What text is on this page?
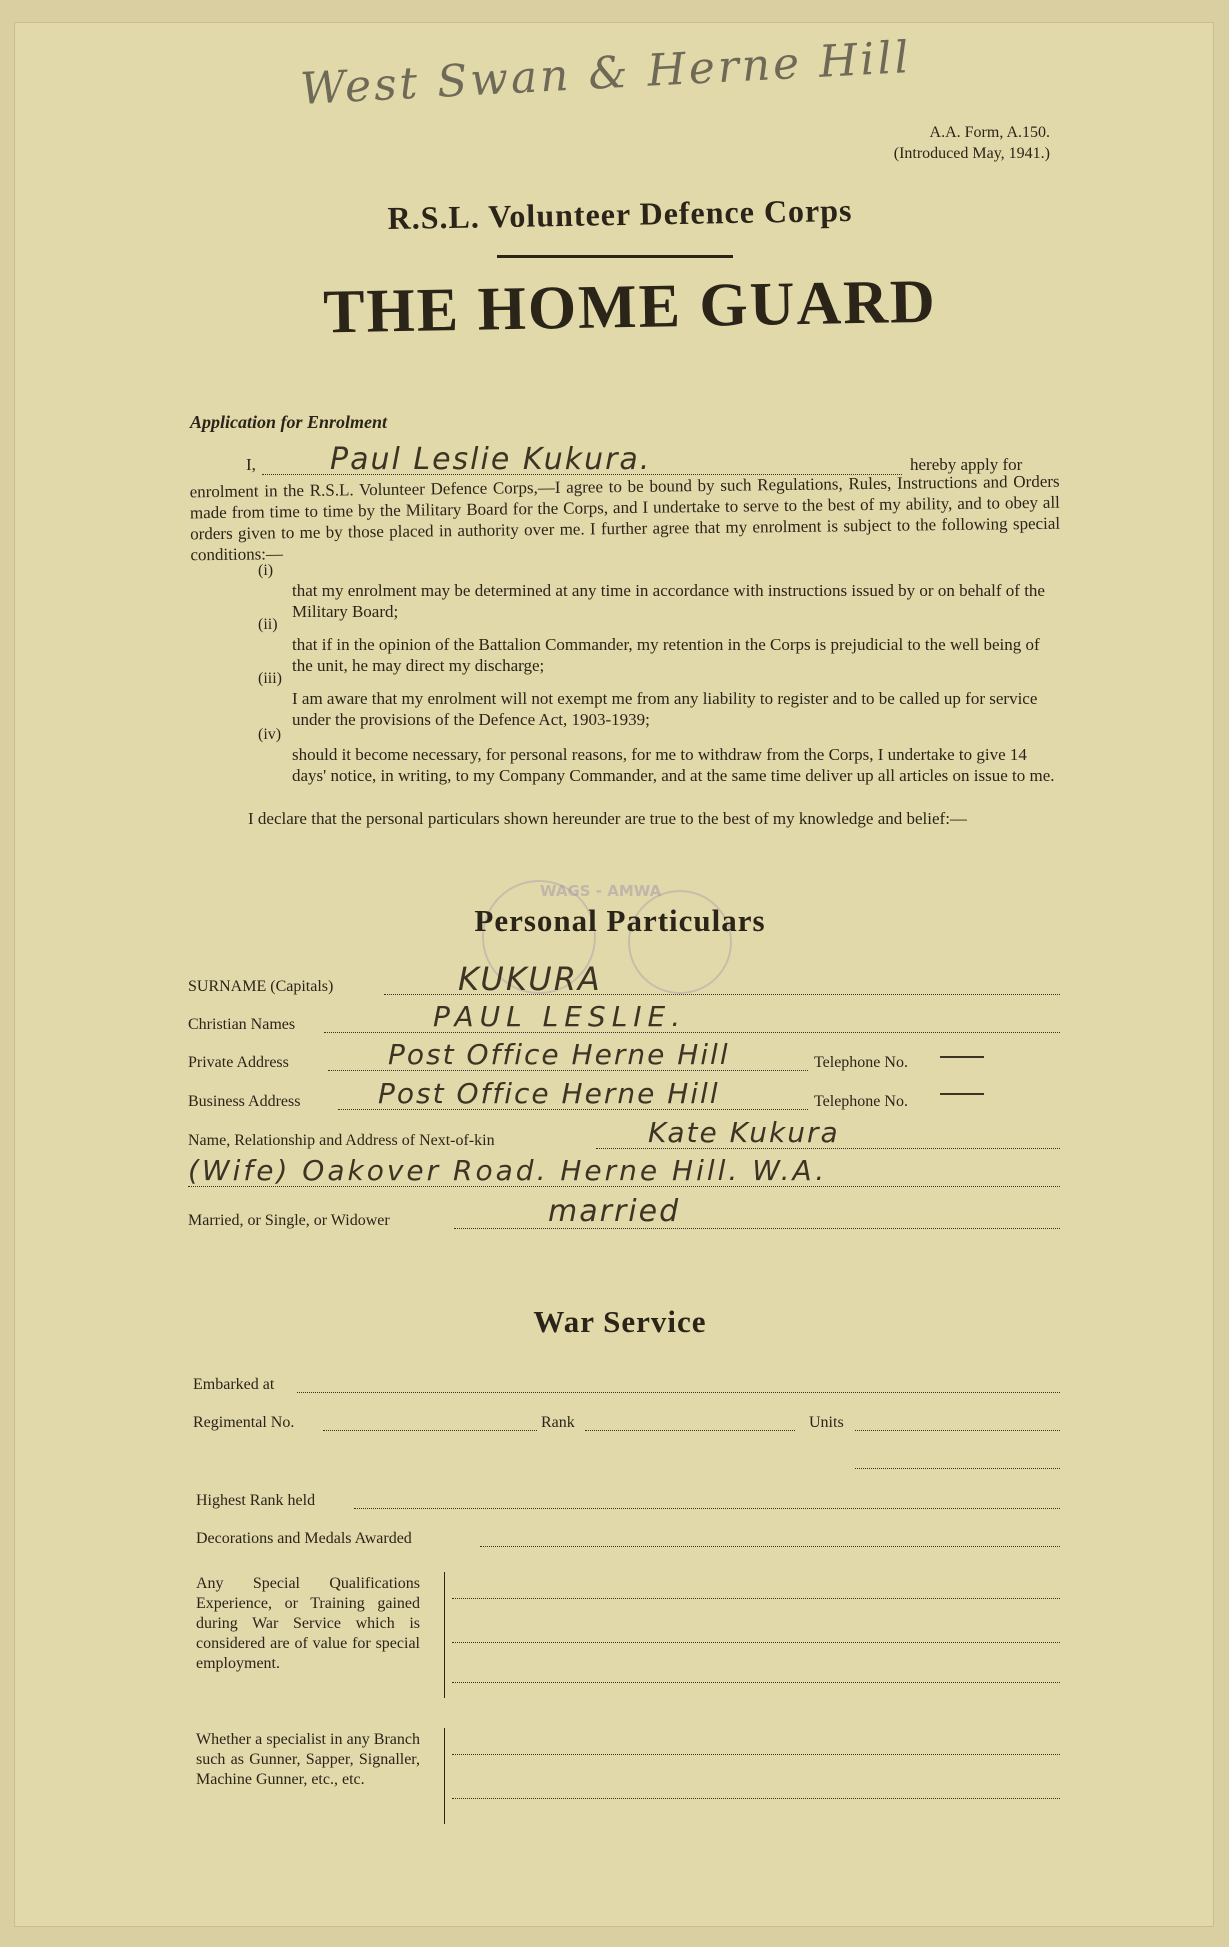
West Swan & Herne Hill
A.A. Form, A.150.
(Introduced May, 1941.)
R.S.L. Volunteer Defence Corps
THE HOME GUARD
Application for Enrolment
I, Paul Leslie Kukura.	hereby apply for
enrolment in the R.S.L. Volunteer Defence Corps,—I agree to be bound by such Regulations, Rules, Instructions and Orders made from time to time by the Military Board for the Corps, and I undertake to serve to the best of my ability, and to obey all orders given to me by those placed in authority over me. I further agree that my enrolment is subject to the following special conditions:—
(i)
that my enrolment may be determined at any time in accordance with instructions issued by or on behalf of the Military Board;
(ii)
that if in the opinion of the Battalion Commander, my retention in the Corps is prejudicial to the well being of the unit, he may direct my discharge;
(iii)
I am aware that my enrolment will not exempt me from any liability to register and to be called up for service under the provisions of the Defence Act, 1903-1939;
(iv)
should it become necessary, for personal reasons, for me to withdraw from the Corps, I undertake to give 14 days' notice, in writing, to my Company Commander, and at the same time deliver up all articles on issue to me.
I declare that the personal particulars shown hereunder are true to the best of my knowledge and belief:—
WAGS - AMWA
Personal Particulars
SURNAME (Capitals)	KUKURA
Christian Names	PAUL LESLIE.
Private Address	Post Office Herne Hill	Telephone No.
Business Address	Post Office Herne Hill	Telephone No.
Name, Relationship and Address of Next-of-kin	Kate Kukura
(Wife) Oakover Road. Herne Hill. W.A.
Married, or Single, or Widower	married
War Service
Embarked at
Regimental No.	Rank	Units
Highest Rank held
Decorations and Medals Awarded
Any Special Qualifications Experience, or Training gained during War Service which is considered are of value for special employment.
Whether a specialist in any Branch such as Gunner, Sapper, Signaller, Machine Gunner, etc., etc.
